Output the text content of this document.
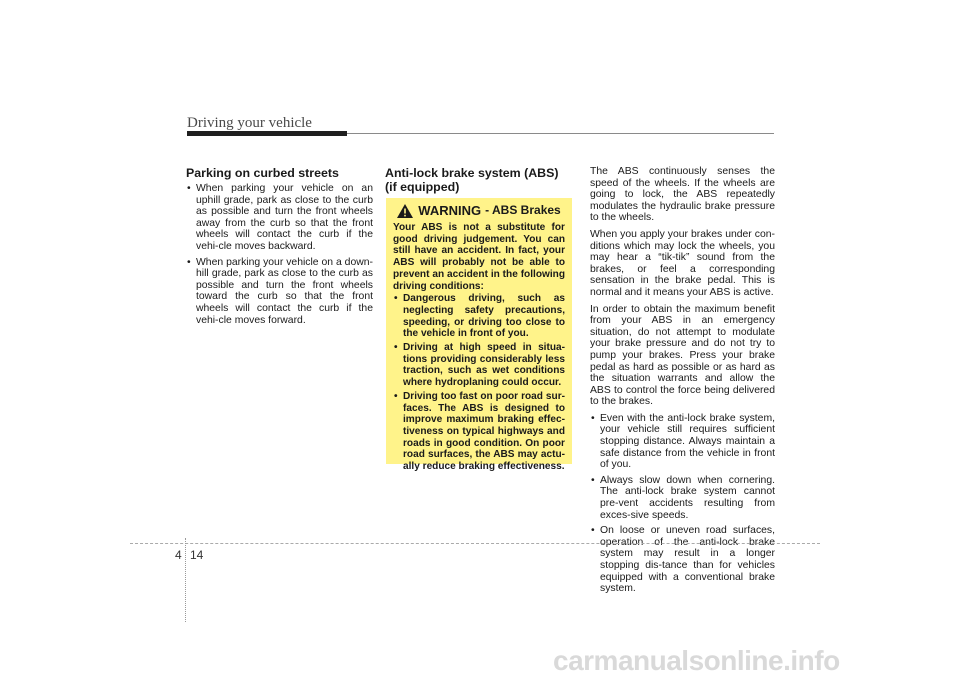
Driving your vehicle
Parking on curbed streets
• When parking your vehicle on an uphill grade, park as close to the curb as possible and turn the front wheels away from the curb so that the front wheels will contact the curb if the vehi-cle moves backward.
• When parking your vehicle on a down-hill grade, park as close to the curb as possible and turn the front wheels toward the curb so that the front wheels will contact the curb if the vehi-cle moves forward.
Anti-lock brake system (ABS)
(if equipped)
WARNING - ABS Brakes

Your ABS is not a substitute for good driving judgement. You can still have an accident. In fact, your ABS will probably not be able to prevent an accident in the following driving conditions:

• Dangerous driving, such as neglecting safety precautions, speeding, or driving too close to the vehicle in front of you.
• Driving at high speed in situa-tions providing considerably less traction, such as wet conditions where hydroplaning could occur.
• Driving too fast on poor road sur-faces. The ABS is designed to improve maximum braking effec-tiveness on typical highways and roads in good condition. On poor road surfaces, the ABS may actu-ally reduce braking effectiveness.

The ABS continuously senses the speed of the wheels. If the wheels are going to lock, the ABS repeatedly modulates the hydraulic brake pressure to the wheels.

When you apply your brakes under con-ditions which may lock the wheels, you may hear a “tik-tik” sound from the brakes, or feel a corresponding sensation in the brake pedal. This is normal and it means your ABS is active.

In order to obtain the maximum benefit from your ABS in an emergency situation, do not attempt to modulate your brake pressure and do not try to pump your brakes. Press your brake pedal as hard as possible or as hard as the situation warrants and allow the ABS to control the force being delivered to the brakes.

• Even with the anti-lock brake system, your vehicle still requires sufficient stopping distance. Always maintain a safe distance from the vehicle in front of you.
• Always slow down when cornering. The anti-lock brake system cannot pre-vent accidents resulting from exces-sive speeds.
• On loose or uneven road surfaces, operation of the anti-lock brake system may result in a longer stopping dis-tance than for vehicles equipped with a conventional brake system.
4 14
carmanualsonline.info
